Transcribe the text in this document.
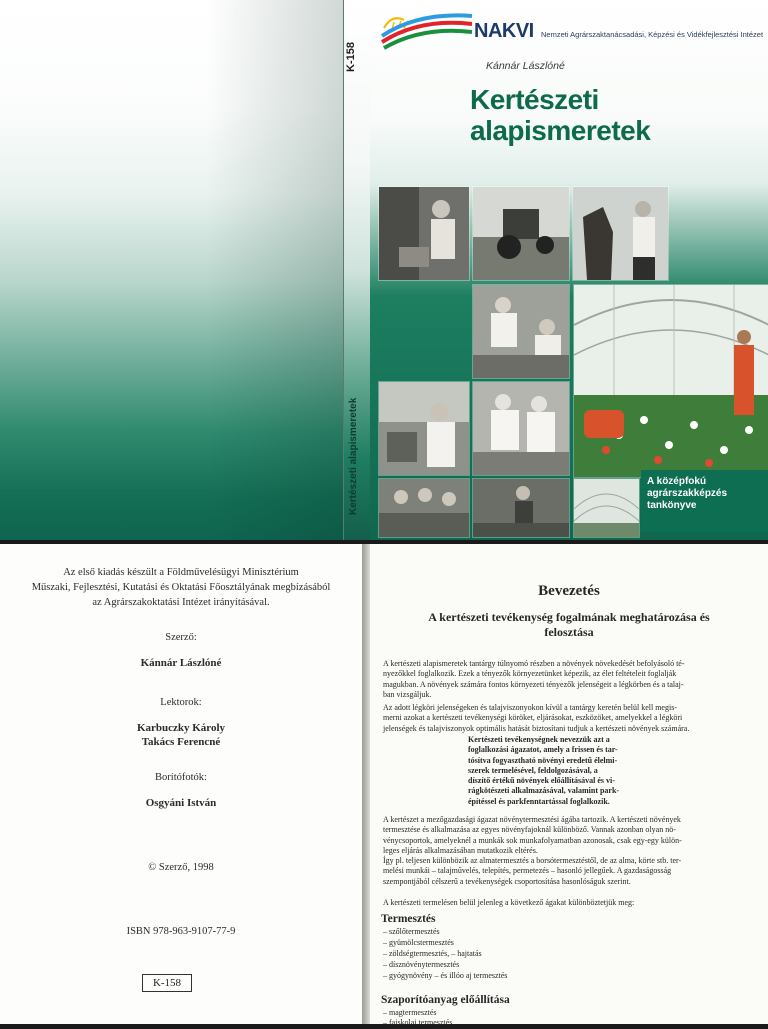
K-158
Kertészeti alapismeretek
NAKVI Nemzeti Agrárszaktanácsadási, Képzési és Vidékfejlesztési Intézet
Kánnár Lászlóné
Kertészeti
alapismeretek
A középfokú
agrárszakképzés
tankönyve
Az első kiadás készült a Földművelésügyi Minisztérium
Műszaki, Fejlesztési, Kutatási és Oktatási Főosztályának megbízásából
az Agrárszakoktatási Intézet irányításával.
Szerző:
Kánnár Lászlóné
Lektorok:
Karbuczky Károly
Takács Ferencné
Borítófotók:
Osgyáni István
© Szerző, 1998
ISBN 978-963-9107-77-9
K-158
Bevezetés
A kertészeti tevékenység fogalmának meghatározása és
felosztása
A kertészeti alapismeretek tantárgy túlnyomó részben a növények növekedését befolyásoló té-
nyezőkkel foglalkozik. Ezek a tényezők környezetünket képezik, az élet feltételeit foglalják
magukban. A növények számára fontos környezeti tényezők jelenségeit a légkörben és a talaj-
ban vizsgáljuk.
Az adott légköri jelenségeken és talajviszonyokon kívül a tantárgy keretén belül kell megis-
merni azokat a kertészeti tevékenységi köröket, eljárásokat, eszközöket, amelyekkel a légköri
jelenségek és talajviszonyok optimális hatását biztosítani tudjuk a kertészeti növények számára.
Kertészeti tevékenységnek nevezzük azt a
foglalkozási ágazatot, amely a frissen és tar-
tósítva fogyasztható növényi eredetű élelmi-
szerek termelésével, feldolgozásával, a
díszítő értékű növények előállításával és vi-
rágkötészeti alkalmazásával, valamint park-
építéssel és parkfenntartással foglalkozik.
A kertészet a mezőgazdasági ágazat növénytermesztési ágába tartozik. A kertészeti növények
termesztése és alkalmazása az egyes növényfajoknál különböző. Vannak azonban olyan nö-
vénycsoportok, amelyeknél a munkák sok munkafolyamatban azonosak, csak egy-egy külön-
leges eljárás alkalmazásában mutatkozik eltérés.
Így pl. teljesen különbözik az almatermesztés a borsótermesztéstől, de az alma, körte stb. ter-
melési munkái – talajművelés, telepítés, permetezés – hasonló jellegűek. A gazdaságosság
szempontjából célszerű a tevékenységek csoportosítása hasonlóságuk szerint.
A kertészeti termelésen belül jelenleg a következő ágakat különböztetjük meg:
Termesztés
– szőlőtermesztés
– gyümölcstermesztés
– zöldségtermesztés, – hajtatás
– dísznövénytermesztés
– gyógynövény – és illóo aj termesztés
Szaporítóanyag előállítása
– magtermesztés
– faiskolai termesztés
